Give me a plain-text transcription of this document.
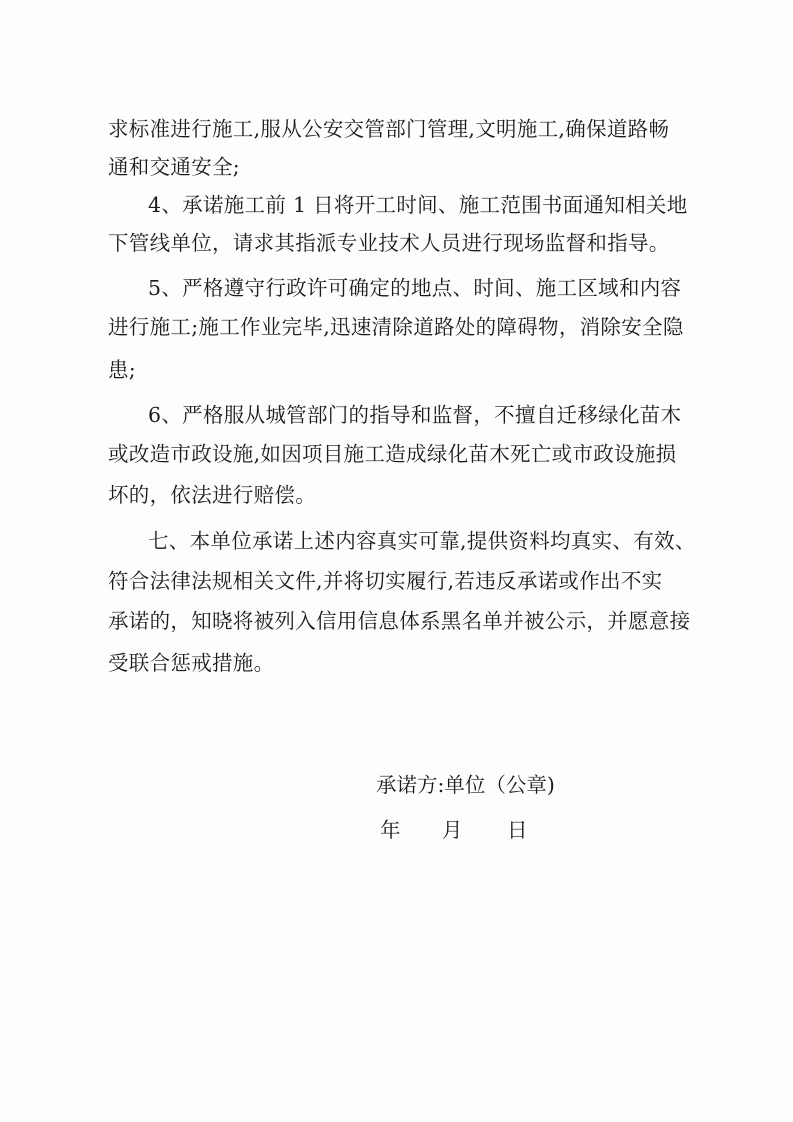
求标准进行施工,服从公安交管部门管理,文明施工,确保道路畅
通和交通安全;
4、承诺施工前 1 日将开工时间、施工范围书面通知相关地
下管线单位，请求其指派专业技术人员进行现场监督和指导。
5、严格遵守行政许可确定的地点、时间、施工区域和内容
进行施工;施工作业完毕,迅速清除道路处的障碍物，消除安全隐
患;
6、严格服从城管部门的指导和监督，不擅自迁移绿化苗木
或改造市政设施,如因项目施工造成绿化苗木死亡或市政设施损
坏的，依法进行赔偿。
七、本单位承诺上述内容真实可靠,提供资料均真实、有效、
符合法律法规相关文件,并将切实履行,若违反承诺或作出不实
承诺的，知晓将被列入信用信息体系黑名单并被公示，并愿意接
受联合惩戒措施。
承诺方:单位（公章)
年 月 日
